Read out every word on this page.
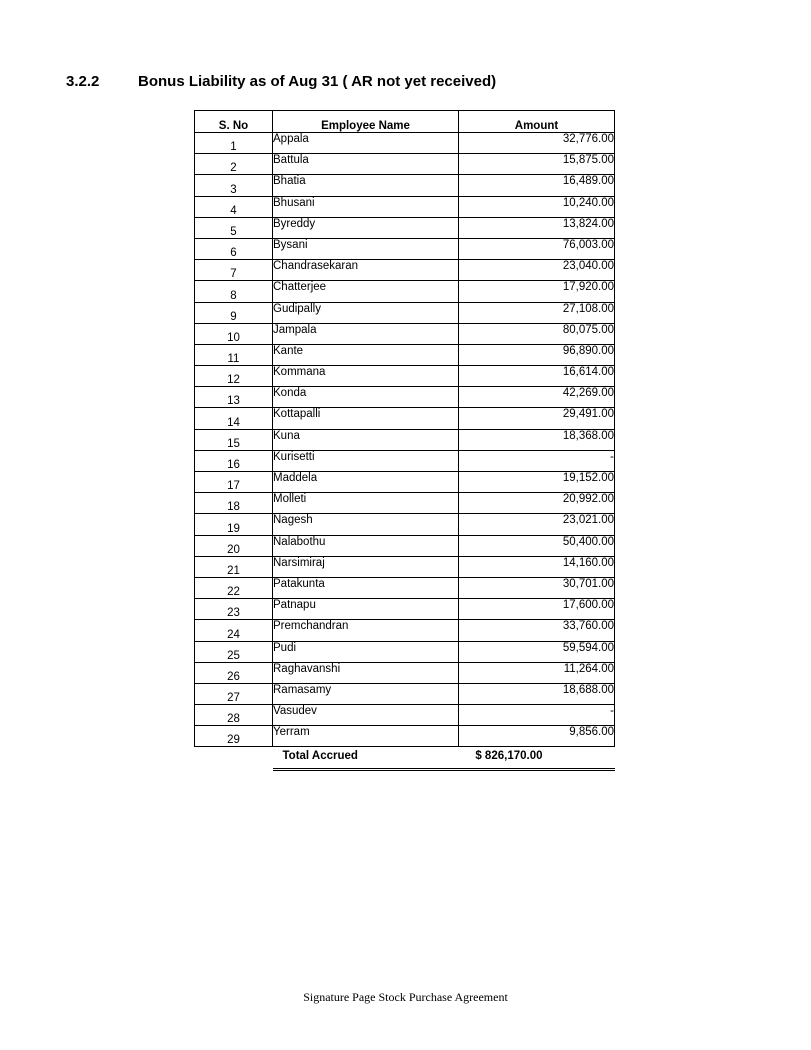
3.2.2	Bonus Liability as of Aug 31 ( AR not yet received)
S. No	Employee Name	Amount
1	Appala	32,776.00
2	Battula	15,875.00
3	Bhatia	16,489.00
4	Bhusani	10,240.00
5	Byreddy	13,824.00
6	Bysani	76,003.00
7	Chandrasekaran	23,040.00
8	Chatterjee	17,920.00
9	Gudipally	27,108.00
10	Jampala	80,075.00
11	Kante	96,890.00
12	Kommana	16,614.00
13	Konda	42,269.00
14	Kottapalli	29,491.00
15	Kuna	18,368.00
16	Kurisetti	-
17	Maddela	19,152.00
18	Molleti	20,992.00
19	Nagesh	23,021.00
20	Nalabothu	50,400.00
21	Narsimiraj	14,160.00
22	Patakunta	30,701.00
23	Patnapu	17,600.00
24	Premchandran	33,760.00
25	Pudi	59,594.00
26	Raghavanshi	11,264.00
27	Ramasamy	18,688.00
28	Vasudev	-
29	Yerram	9,856.00
	Total Accrued	$ 826,170.00
Signature Page Stock Purchase Agreement
